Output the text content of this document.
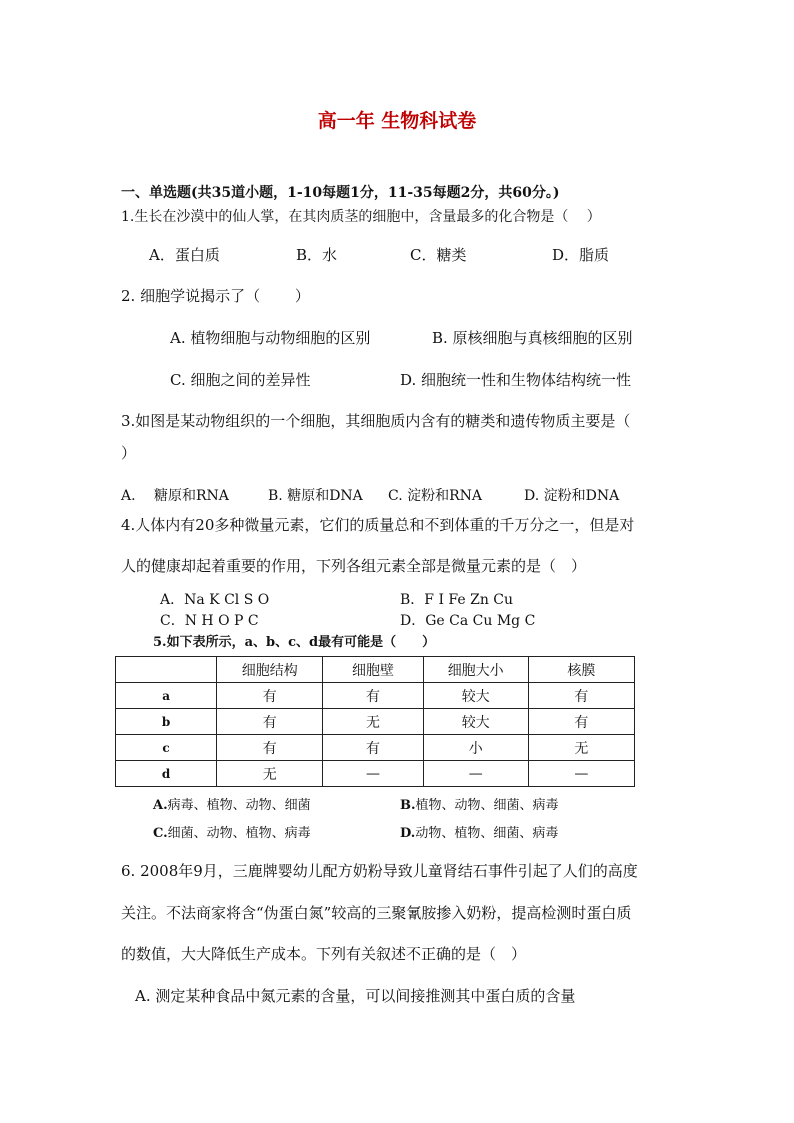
高一年 生物科试卷
一、单选题(共35道小题，1-10每题1分，11-35每题2分，共60分。)
1.生长在沙漠中的仙人掌，在其肉质茎的细胞中，含量最多的化合物是（　 ）
A．蛋白质	B．水	C．糖类	D．脂质
2. 细胞学说揭示了（　　 ）
A. 植物细胞与动物细胞的区别	B. 原核细胞与真核细胞的区别
C. 细胞之间的差异性	D. 细胞统一性和生物体结构统一性
3.如图是某动物组织的一个细胞，其细胞质内含有的糖类和遗传物质主要是（
）
A.　 糖原和RNA	B. 糖原和DNA C. 淀粉和RNA	D. 淀粉和DNA
4.人体内有20多种微量元素，它们的质量总和不到体重的千万分之一，但是对
人的健康却起着重要的作用，下列各组元素全部是微量元素的是（　）
A．Na K Cl S O	B．F I Fe Zn Cu
C．N H O P C	D．Ge Ca Cu Mg C
5.如下表所示，a、b、c、d最有可能是（　　）
	细胞结构	细胞壁	细胞大小	核膜
a	有	有	较大	有
b	有	无	较大	有
c	有	有	小	无
d	无	—	—	—
A.病毒、植物、动物、细菌	B.植物、动物、细菌、病毒
C.细菌、动物、植物、病毒	D.动物、植物、细菌、病毒
6. 2008年9月，三鹿牌婴幼儿配方奶粉导致儿童肾结石事件引起了人们的高度
关注。不法商家将含“伪蛋白氮”较高的三聚氰胺掺入奶粉，提高检测时蛋白质
的数值，大大降低生产成本。下列有关叙述不正确的是（　）
A. 测定某种食品中氮元素的含量，可以间接推测其中蛋白质的含量
